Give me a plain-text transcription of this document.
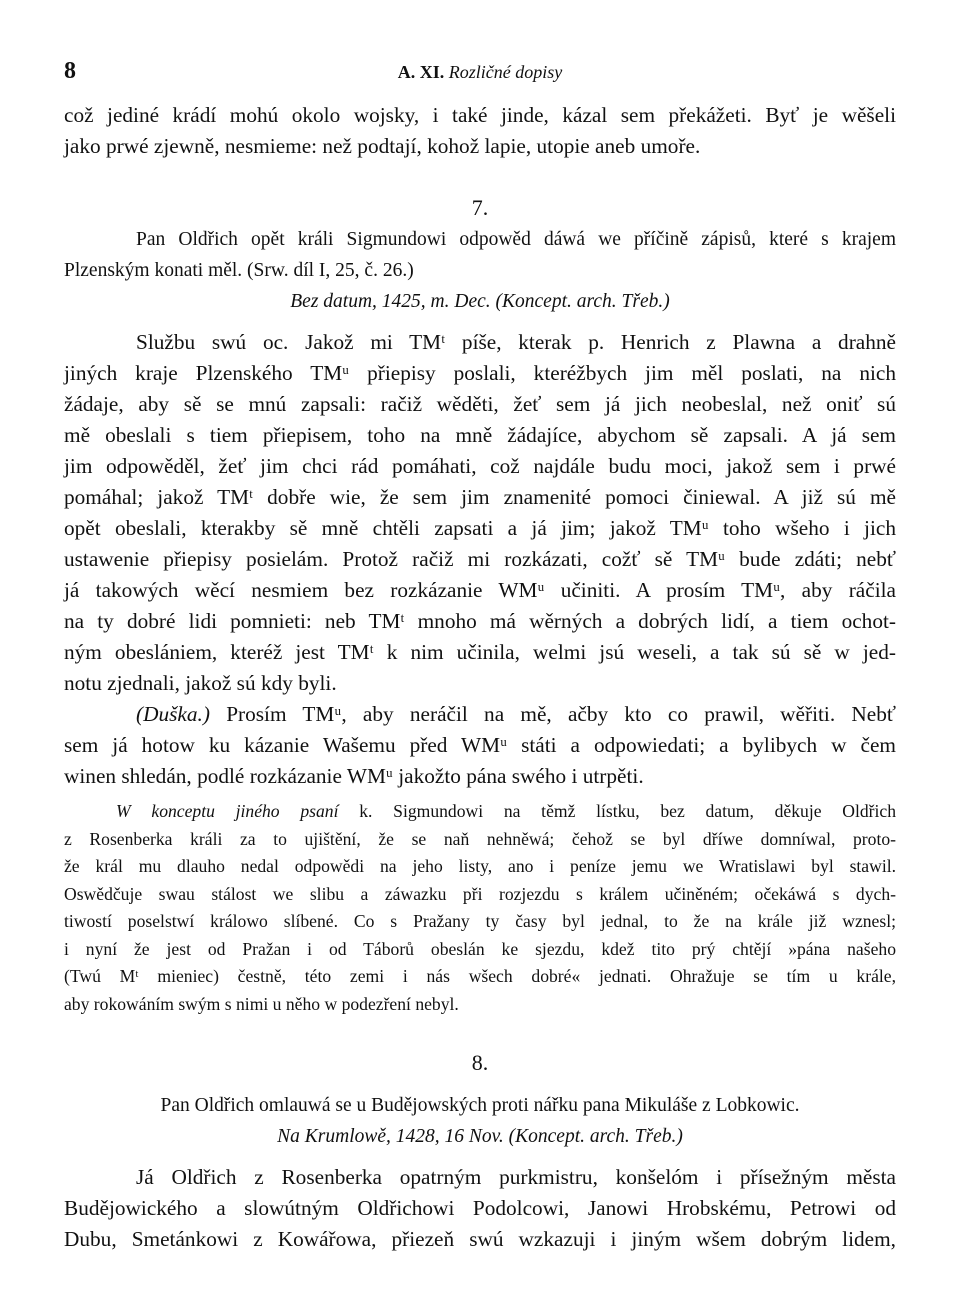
8	A. XI. Rozličné dopisy
což jediné krádí mohú okolo wojsky, i také jinde, kázal sem překážeti. Byť je wěšeli
jako prwé zjewně, nesmieme: než podtají, kohož lapie, utopie aneb umoře.
7.
Pan Oldřich opět králi Sigmundowi odpowěd dáwá we příčině zápisů, které s krajem
Plzenským konati měl. (Srw. díl I, 25, č. 26.)
Bez datum, 1425, m. Dec. (Koncept. arch. Třeb.)
Službu swú oc. Jakož mi TMᵗ píše, kterak p. Henrich z Plawna a drahně
jiných kraje Plzenského TMᵘ přiepisy poslali, kteréžbych jim měl poslati, na nich
žádaje, aby sě se mnú zapsali: račiž wěděti, žeť sem já jich neobeslal, než oniť sú
mě obeslali s tiem přiepisem, toho na mně žádajíce, abychom sě zapsali. A já sem
jim odpowěděl, žeť jim chci rád pomáhati, což najdále budu moci, jakož sem i prwé
pomáhal; jakož TMᵗ dobře wie, že sem jim znamenité pomoci činiewal. A již sú mě
opět obeslali, kterakby sě mně chtěli zapsati a já jim; jakož TMᵘ toho wšeho i jich
ustawenie přiepisy posielám. Protož račiž mi rozkázati, cožť sě TMᵘ bude zdáti; nebť
já takowých wěcí nesmiem bez rozkázanie WMᵘ učiniti. A prosím TMᵘ, aby ráčila
na ty dobré lidi pomnieti: neb TMᵗ mnoho má wěrných a dobrých lidí, a tiem ochot-
ným obeslániem, kteréž jest TMᵗ k nim učinila, welmi jsú weseli, a tak sú sě w jed-
notu zjednali, jakož sú kdy byli.
(Duška.) Prosím TMᵘ, aby neráčil na mě, ačby kto co prawil, wěřiti. Nebť
sem já hotow ku kázanie Wašemu před WMᵘ státi a odpowiedati; a bylibych w čem
winen shledán, podlé rozkázanie WMᵘ jakožto pána swého i utrpěti.
W konceptu jiného psaní k. Sigmundowi na těmž lístku, bez datum, děkuje Oldřich
z Rosenberka králi za to ujištění, že se naň nehněwá; čehož se byl dříwe domníwal, proto-
že král mu dlauho nedal odpowědi na jeho listy, ano i peníze jemu we Wratislawi byl stawil.
Oswědčuje swau stálost we slibu a záwazku při rozjezdu s králem učiněném; očekáwá s dych-
tiwostí poselstwí králowo slíbené. Co s Pražany ty časy byl jednal, to že na krále již wznesl;
i nyní že jest od Pražan i od Táborů obeslán ke sjezdu, kdež tito prý chtějí »pána našeho
(Twú Mᵗ mieniec) čestně, této zemi i nás wšech dobré« jednati. Ohražuje se tím u krále,
aby rokowáním swým s nimi u něho w podezření nebyl.
8.
Pan Oldřich omlauwá se u Budějowských proti nářku pana Mikuláše z Lobkowic.
Na Krumlowě, 1428, 16 Nov. (Koncept. arch. Třeb.)
Já Oldřich z Rosenberka opatrným purkmistru, konšelóm i přísežným města
Budějowického a slowútným Oldřichowi Podolcowi, Janowi Hrobskému, Petrowi od
Dubu, Smetánkowi z Kowářowa, přiezeň swú wzkazuji i jiným wšem dobrým lidem,
